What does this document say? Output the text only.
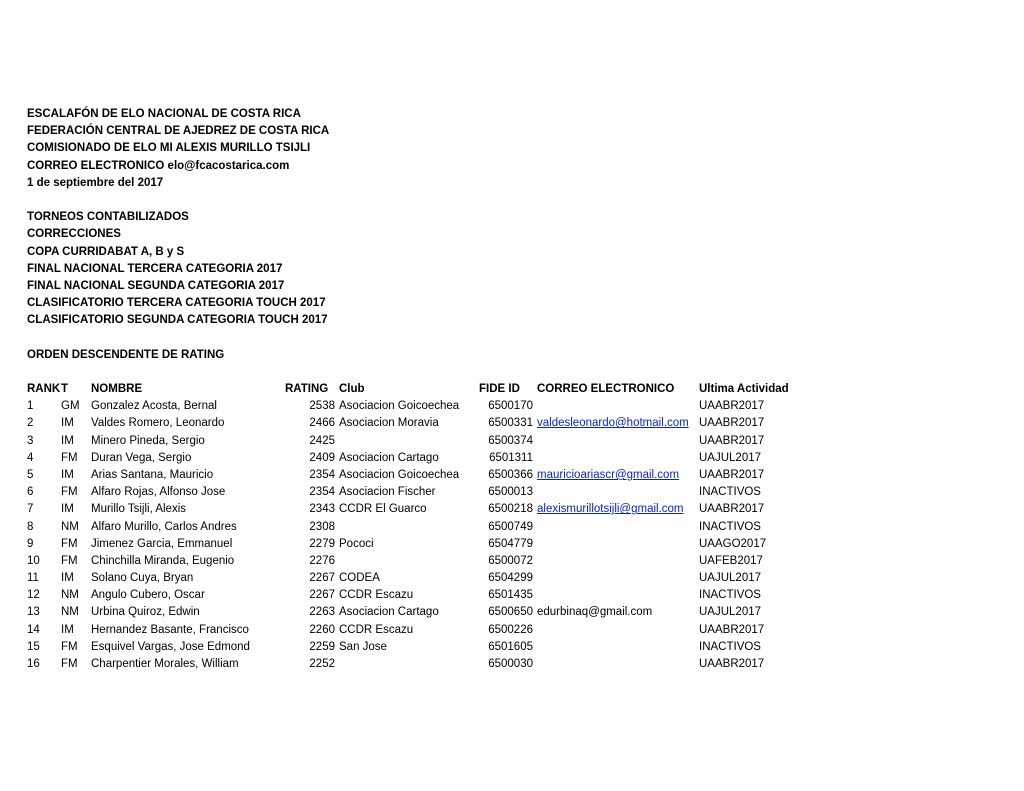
ESCALAFÓN DE ELO NACIONAL DE COSTA RICA
FEDERACIÓN CENTRAL DE AJEDREZ DE COSTA RICA
COMISIONADO DE ELO MI ALEXIS MURILLO TSIJLI
CORREO ELECTRONICO elo@fcacostarica.com
1 de septiembre del 2017
TORNEOS CONTABILIZADOS
CORRECCIONES
COPA CURRIDABAT A, B y S
FINAL NACIONAL TERCERA CATEGORIA 2017
FINAL NACIONAL SEGUNDA CATEGORIA 2017
CLASIFICATORIO TERCERA CATEGORIA TOUCH 2017
CLASIFICATORIO SEGUNDA CATEGORIA TOUCH 2017
ORDEN DESCENDENTE DE RATING
RANK T NOMBRE	RATING Club	FIDE ID	CORREO ELECTRONICO Ultima Actividad
1 GM Gonzalez Acosta, Bernal	2538 Asociacion Goicoechea	6500170	UAABR2017
2 IM Valdes Romero, Leonardo	2466 Asociacion Moravia	6500331 valdesleonardo@hotmail.com UAABR2017
3 IM Minero Pineda, Sergio	2425	6500374	UAABR2017
4 FM Duran Vega, Sergio	2409 Asociacion Cartago	6501311	UAJUL2017
5 IM Arias Santana, Mauricio	2354 Asociacion Goicoechea	6500366 mauricioariascr@gmail.com UAABR2017
6 FM Alfaro Rojas, Alfonso Jose	2354 Asociacion Fischer	6500013	INACTIVOS
7 IM Murillo Tsijli, Alexis	2343 CCDR El Guarco	6500218 alexismurillotsijli@gmail.com UAABR2017
8 NM Alfaro Murillo, Carlos Andres	2308	6500749	INACTIVOS
9 FM Jimenez Garcia, Emmanuel	2279 Pococi	6504779	UAAGO2017
10 FM Chinchilla Miranda, Eugenio	2276	6500072	UAFEB2017
11 IM Solano Cuya, Bryan	2267 CODEA	6504299	UAJUL2017
12 NM Angulo Cubero, Oscar	2267 CCDR Escazu	6501435	INACTIVOS
13 NM Urbina Quiroz, Edwin	2263 Asociacion Cartago	6500650 edurbinaq@gmail.com	UAJUL2017
14 IM Hernandez Basante, Francisco	2260 CCDR Escazu	6500226	UAABR2017
15 FM Esquivel Vargas, Jose Edmond	2259 San Jose	6501605	INACTIVOS
16 FM Charpentier Morales, William	2252	6500030	UAABR2017
